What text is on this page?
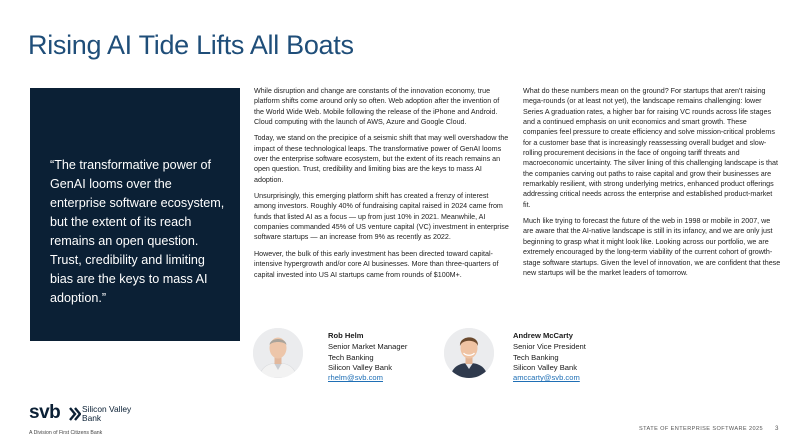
Rising AI Tide Lifts All Boats

“The transformative power of GenAI looms over the enterprise software ecosystem, but the extent of its reach remains an open question. Trust, credibility and limiting bias are the keys to mass AI adoption.”

While disruption and change are constants of the innovation economy, true platform shifts come around only so often. Web adoption after the invention of the World Wide Web. Mobile following the release of the iPhone and Android. Cloud computing with the launch of AWS, Azure and Google Cloud.

Today, we stand on the precipice of a seismic shift that may well overshadow the impact of these technological leaps. The transformative power of GenAI looms over the enterprise software ecosystem, but the extent of its reach remains an open question. Trust, credibility and limiting bias are the keys to mass AI adoption.

Unsurprisingly, this emerging platform shift has created a frenzy of interest among investors. Roughly 40% of fundraising capital raised in 2024 came from funds that listed AI as a focus — up from just 10% in 2021. Meanwhile, AI companies commanded 45% of US venture capital (VC) investment in enterprise software startups — an increase from 9% as recently as 2022.

However, the bulk of this early investment has been directed toward capital-intensive hypergrowth and/or core AI businesses. More than three-quarters of capital invested into US AI startups came from rounds of $100M+.

What do these numbers mean on the ground? For startups that aren’t raising mega-rounds (or at least not yet), the landscape remains challenging: lower Series A graduation rates, a higher bar for raising VC rounds across life stages and a continued emphasis on unit economics and smart growth. These companies feel pressure to create efficiency and solve mission-critical problems for a customer base that is increasingly reassessing overall budget and slow-rolling procurement decisions in the face of ongoing tariff threats and macroeconomic uncertainty. The silver lining of this challenging landscape is that the companies carving out paths to raise capital and grow their businesses are remarkably resilient, with strong underlying metrics, enhanced product offerings addressing critical needs across the enterprise and established product-market fit.

Much like trying to forecast the future of the web in 1998 or mobile in 2007, we are aware that the AI-native landscape is still in its infancy, and we are only just beginning to grasp what it might look like. Looking across our portfolio, we are extremely encouraged by the long-term viability of the current cohort of growth-stage software startups. Given the level of innovation, we are confident that these new startups will be the market leaders of tomorrow.

Rob Helm
Senior Market Manager
Tech Banking
Silicon Valley Bank
rhelm@svb.com
Andrew McCarty
Senior Vice President
Tech Banking
Silicon Valley Bank
amccarty@svb.com
svb	Silicon Valley
Bank
A Division of First Citizens Bank
STATE OF ENTERPRISE SOFTWARE 2025 3
